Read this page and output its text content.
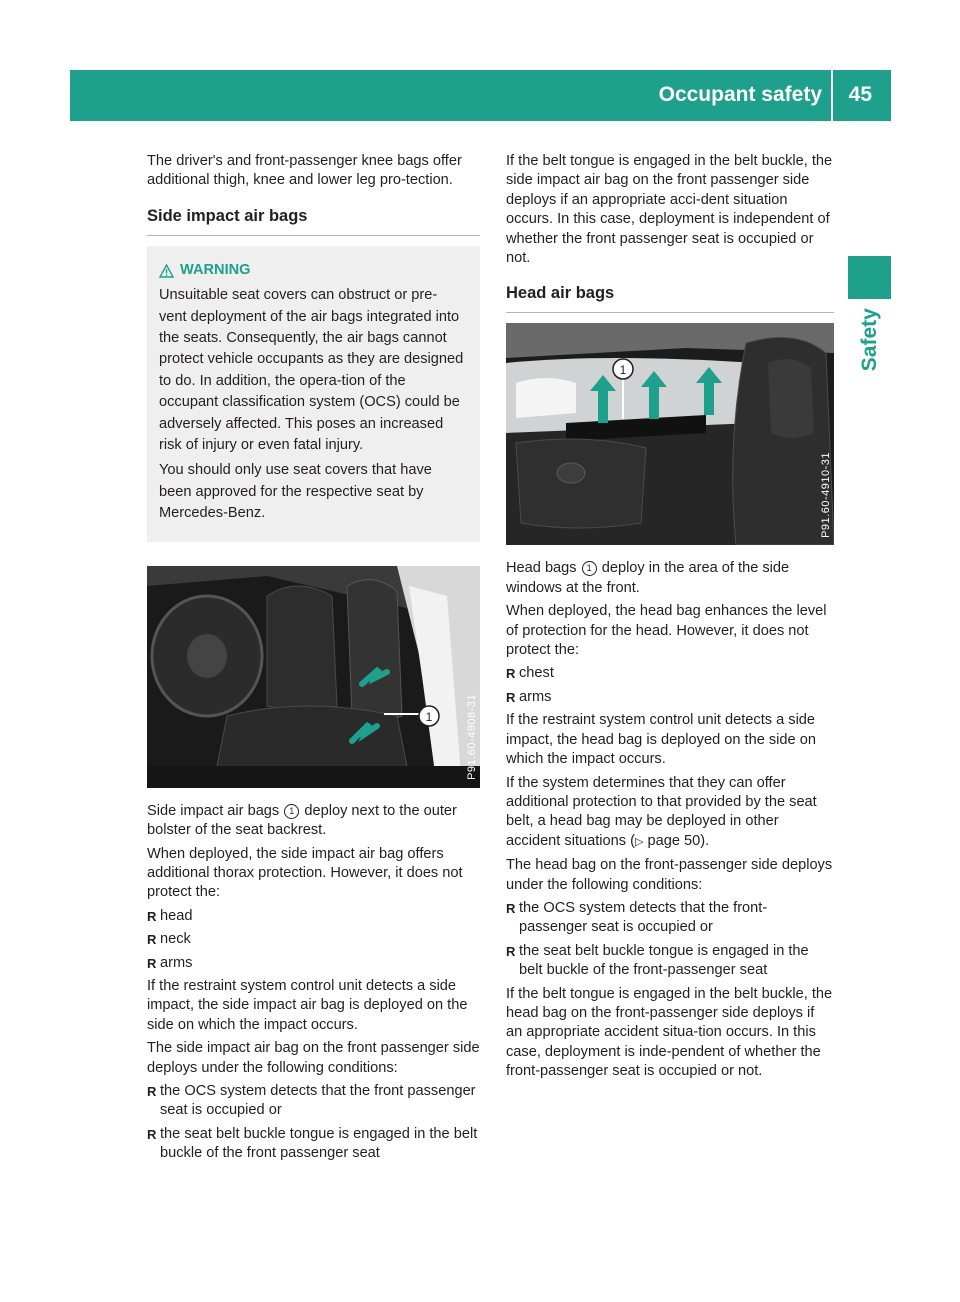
Occupant safety 45
Safety

The driver's and front-passenger knee bags offer additional thigh, knee and lower leg pro-tection.

Side impact air bags
WARNING

Unsuitable seat covers can obstruct or pre-vent deployment of the air bags integrated into the seats. Consequently, the air bags cannot protect vehicle occupants as they are designed to do. In addition, the opera-tion of the occupant classification system (OCS) could be adversely affected. This poses an increased risk of injury or even fatal injury.

You should only use seat covers that have been approved for the respective seat by Mercedes-Benz.

1	P91.60-4908-31

Side impact air bags 1 deploy next to the outer bolster of the seat backrest.

When deployed, the side impact air bag offers additional thorax protection. However, it does not protect the:

R head
R neck
R arms

If the restraint system control unit detects a side impact, the side impact air bag is deployed on the side on which the impact occurs.

The side impact air bag on the front passenger side deploys under the following conditions:

R the OCS system detects that the front passenger seat is occupied or
R the seat belt buckle tongue is engaged in the belt buckle of the front passenger seat

If the belt tongue is engaged in the belt buckle, the side impact air bag on the front passenger side deploys if an appropriate acci-dent situation occurs. In this case, deployment is independent of whether the front passenger seat is occupied or not.

Head air bags
1
P91.60-4910-31

Head bags 1 deploy in the area of the side windows at the front.

When deployed, the head bag enhances the level of protection for the head. However, it does not protect the:

R chest
R arms

If the restraint system control unit detects a side impact, the head bag is deployed on the side on which the impact occurs.

If the system determines that they can offer additional protection to that provided by the seat belt, a head bag may be deployed in other accident situations (▷ page 50).

The head bag on the front-passenger side deploys under the following conditions:

R the OCS system detects that the front-passenger seat is occupied or
R the seat belt buckle tongue is engaged in the belt buckle of the front-passenger seat

If the belt tongue is engaged in the belt buckle, the head bag on the front-passenger side deploys if an appropriate accident situa-tion occurs. In this case, deployment is inde-pendent of whether the front-passenger seat is occupied or not.
